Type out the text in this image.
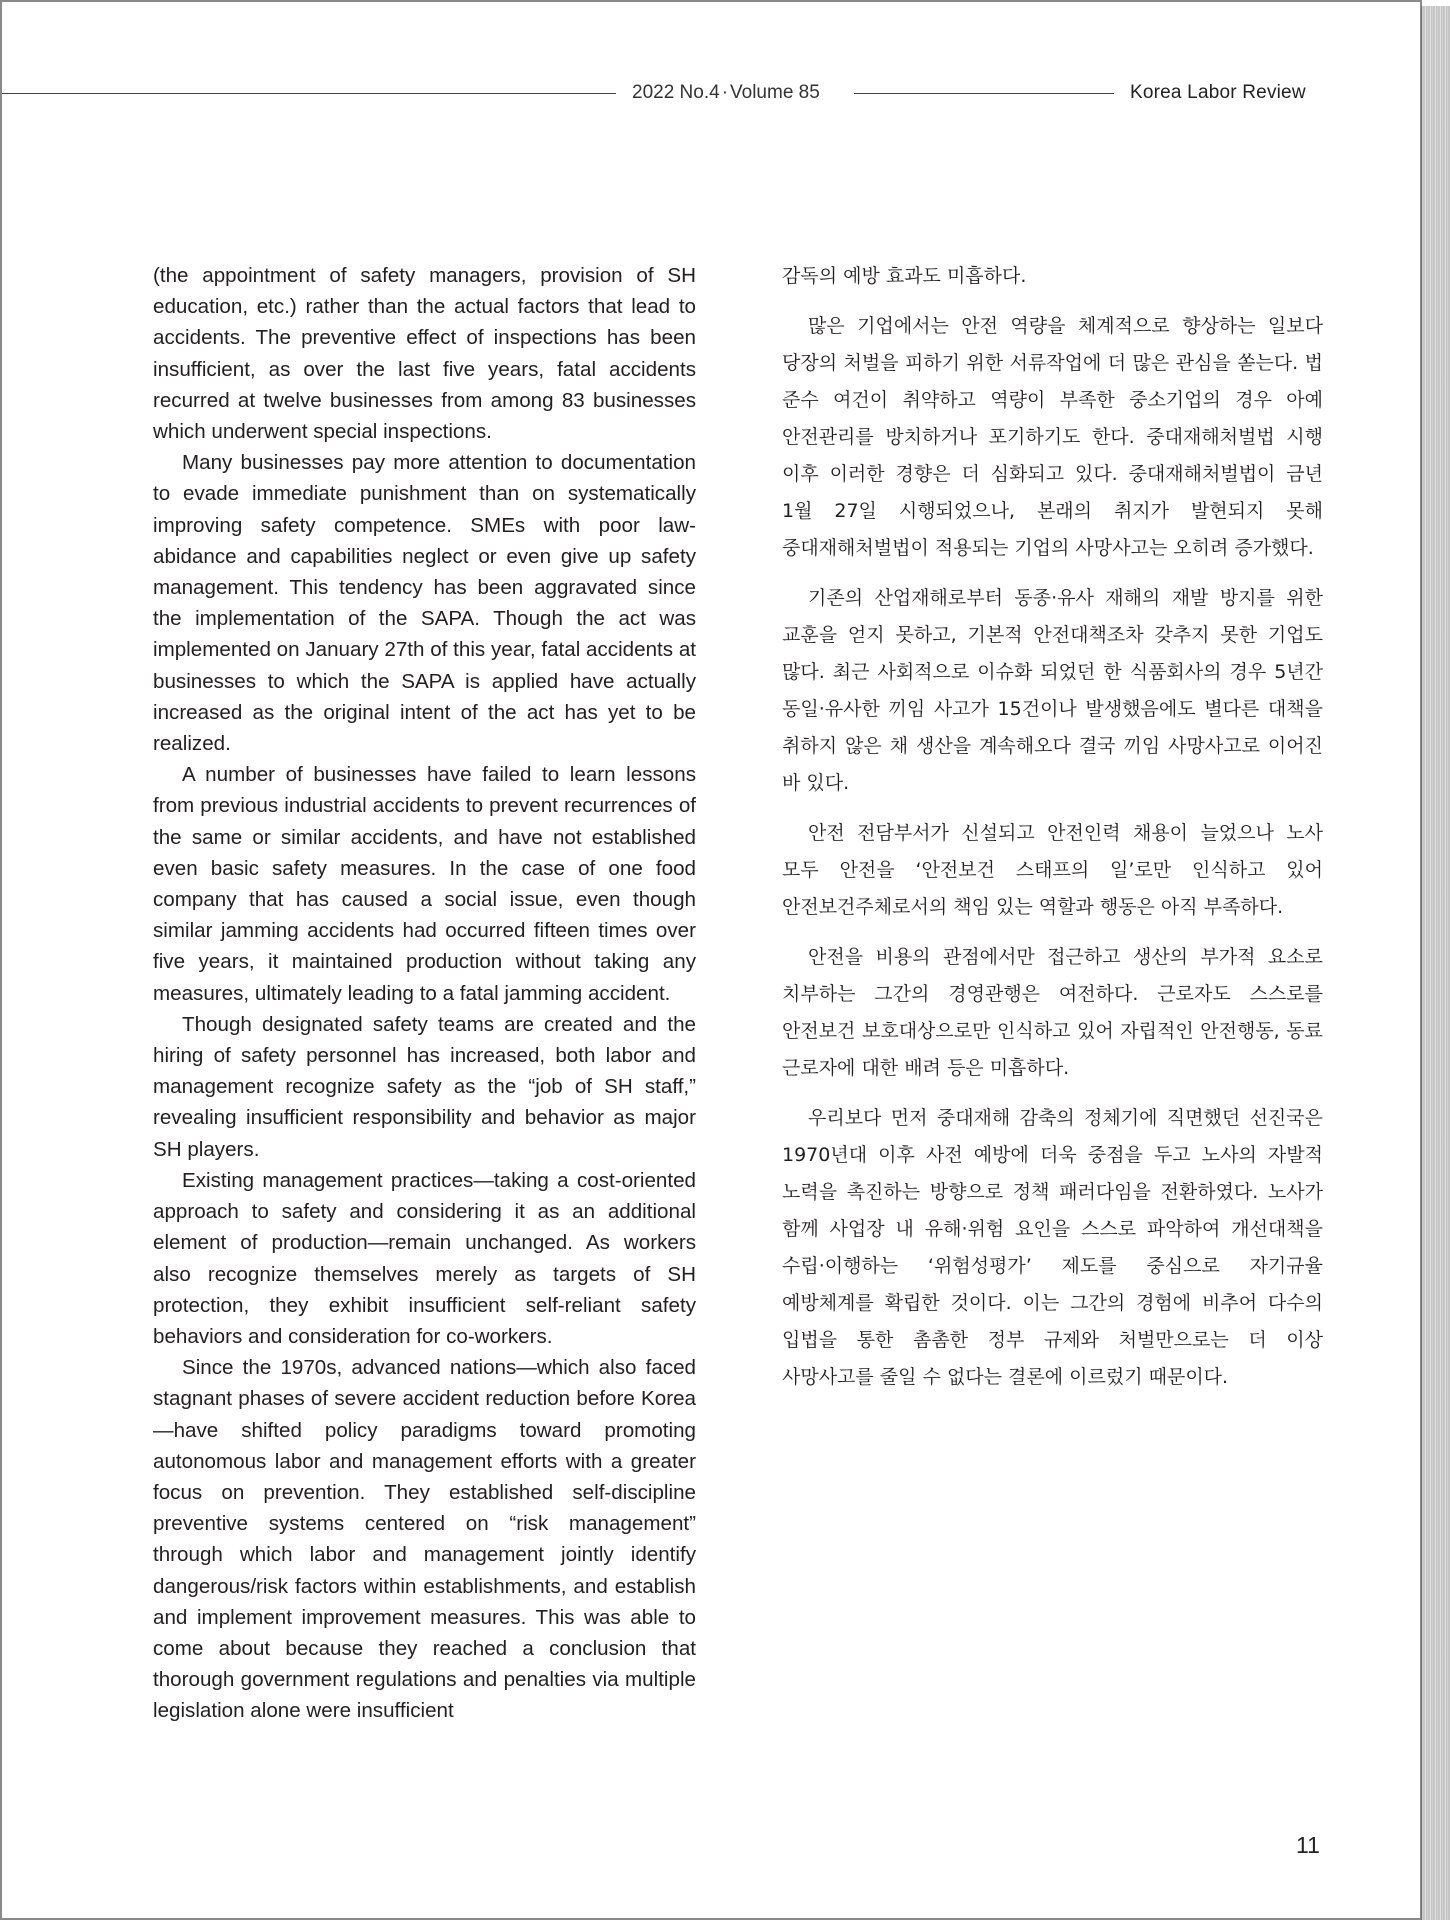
2022 No.4 · Volume 85	Korea Labor Review

(the appointment of safety managers, provision of SH education, etc.) rather than the actual factors that lead to accidents. The preventive effect of inspections has been insufficient, as over the last five years, fatal accidents recurred at twelve businesses from among 83 businesses which underwent special inspections.

Many businesses pay more attention to documentation to evade immediate punishment than on systematically improving safety competence. SMEs with poor law-abidance and capabilities neglect or even give up safety management. This tendency has been aggravated since the implementation of the SAPA. Though the act was implemented on January 27th of this year, fatal accidents at businesses to which the SAPA is applied have actually increased as the original intent of the act has yet to be realized.

A number of businesses have failed to learn lessons from previous industrial accidents to prevent recurrences of the same or similar accidents, and have not established even basic safety measures. In the case of one food company that has caused a social issue, even though similar jamming accidents had occurred fifteen times over five years, it maintained production without taking any measures, ultimately leading to a fatal jamming accident.

Though designated safety teams are created and the hiring of safety personnel has increased, both labor and management recognize safety as the “job of SH staff,” revealing insufficient responsibility and behavior as major SH players.

Existing management practices—taking a cost-oriented approach to safety and considering it as an additional element of production—remain unchanged. As workers also recognize themselves merely as targets of SH protection, they exhibit insufficient self-reliant safety behaviors and consideration for co-workers.

Since the 1970s, advanced nations—which also faced stagnant phases of severe accident reduction before Korea—have shifted policy paradigms toward promoting autonomous labor and management efforts with a greater focus on prevention. They established self-discipline preventive systems centered on “risk management” through which labor and management jointly identify dangerous/risk factors within establishments, and establish and implement improvement measures. This was able to come about because they reached a conclusion that thorough government regulations and penalties via multiple legislation alone were insufficient

감독의 예방 효과도 미흡하다.

많은 기업에서는 안전 역량을 체계적으로 향상하는 일보다 당장의 처벌을 피하기 위한 서류작업에 더 많은 관심을 쏟는다. 법 준수 여건이 취약하고 역량이 부족한 중소기업의 경우 아예 안전관리를 방치하거나 포기하기도 한다. 중대재해처벌법 시행 이후 이러한 경향은 더 심화되고 있다. 중대재해처벌법이 금년 1월 27일 시행되었으나, 본래의 취지가 발현되지 못해 중대재해처벌법이 적용되는 기업의 사망사고는 오히려 증가했다.

기존의 산업재해로부터 동종·유사 재해의 재발 방지를 위한 교훈을 얻지 못하고, 기본적 안전대책조차 갖추지 못한 기업도 많다. 최근 사회적으로 이슈화 되었던 한 식품회사의 경우 5년간 동일·유사한 끼임 사고가 15건이나 발생했음에도 별다른 대책을 취하지 않은 채 생산을 계속해오다 결국 끼임 사망사고로 이어진 바 있다.

안전 전담부서가 신설되고 안전인력 채용이 늘었으나 노사 모두 안전을 ‘안전보건 스태프의 일’로만 인식하고 있어 안전보건주체로서의 책임 있는 역할과 행동은 아직 부족하다.

안전을 비용의 관점에서만 접근하고 생산의 부가적 요소로 치부하는 그간의 경영관행은 여전하다. 근로자도 스스로를 안전보건 보호대상으로만 인식하고 있어 자립적인 안전행동, 동료 근로자에 대한 배려 등은 미흡하다.

우리보다 먼저 중대재해 감축의 정체기에 직면했던 선진국은 1970년대 이후 사전 예방에 더욱 중점을 두고 노사의 자발적 노력을 촉진하는 방향으로 정책 패러다임을 전환하였다. 노사가 함께 사업장 내 유해·위험 요인을 스스로 파악하여 개선대책을 수립·이행하는 ‘위험성평가’ 제도를 중심으로 자기규율 예방체계를 확립한 것이다. 이는 그간의 경험에 비추어 다수의 입법을 통한 촘촘한 정부 규제와 처벌만으로는 더 이상 사망사고를 줄일 수 없다는 결론에 이르렀기 때문이다.

11
